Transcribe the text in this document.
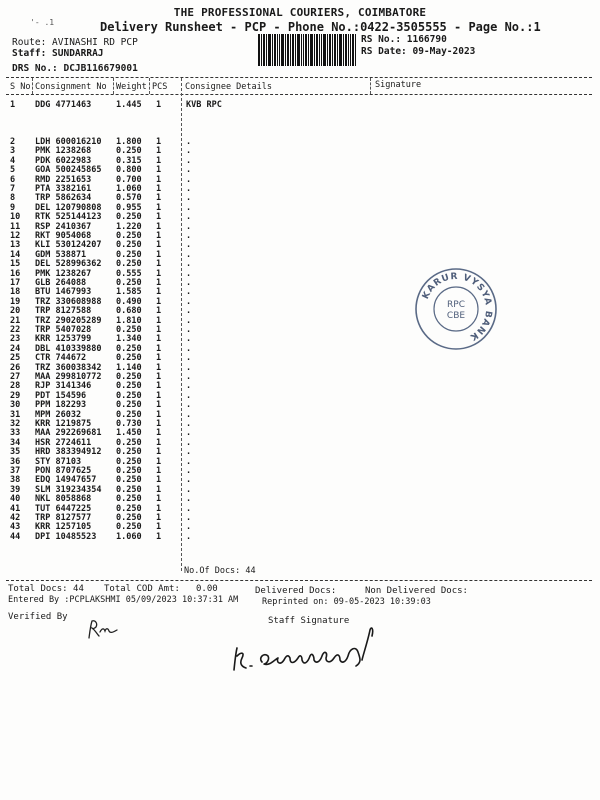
'- .1
THE PROFESSIONAL COURIERS, COIMBATORE
Delivery Runsheet - PCP - Phone No.:0422-3505555 - Page No.:1
Route: AVINASHI RD PCP
Staff: SUNDARRAJ
DRS No.: DCJB116679001
RS No.: 1166790
RS Date: 09-May-2023
S No Consignment No Weight PCS Consignee Details	Signature
1 DDG 4771463	1.445 1	KVB RPC
2 LDH 600016210 1.800 1	.
3 PMK 1238268	0.250 1	.
4 PDK 6022983	0.315 1	.
5 GOA 500245865 0.800 1	.
6 RMD 2251653	0.700 1	.
7 PTA 3382161	1.060 1	.
8 TRP 5862634	0.570 1	.
9 DEL 120790808 0.955 1	.
10 RTK 525144123 0.250 1	.
11 RSP 2410367	1.220 1	.
12 RKT 9054068	0.250 1	.
13 KLI 530124207 0.250 1	.
14 GDM 538871	0.250 1	.
15 DEL 528996362 0.250 1	.
16 PMK 1238267	0.555 1	.
17 GLB 264088	0.250 1	.
18 BTU 1467993	1.585 1	.
19 TRZ 330608988 0.490 1	.
20 TRP 8127588	0.680 1	.
21 TRZ 290205289 1.810 1	.
22 TRP 5407028	0.250 1	.
23 KRR 1253799	1.340 1	.
24 DBL 410339880 0.250 1	.
25 CTR 744672	0.250 1	.
26 TRZ 360038342 1.140 1	.
27 MAA 299810772 0.250 1	.
28 RJP 3141346	0.250 1	.
29 PDT 154596	0.250 1	.
30 PPM 182293	0.250 1	.
31 MPM 26032	0.250 1	.
32 KRR 1219875	0.730 1	.
33 MAA 292269681 1.450 1	.
34 HSR 2724611	0.250 1	.
35 HRD 383394912 0.250 1	.
36 STY 87103	0.250 1	.
37 PON 8707625	0.250 1	.
38 EDQ 14947657 0.250 1	.
39 SLM 319234354 0.250 1	.
40 NKL 8058868	0.250 1	.
41 TUT 6447225	0.250 1	.
42 TRP 8127577	0.250 1	.
43 KRR 1257105	0.250 1	.
44 DPI 10485523 1.060 1	.
No.Of Docs: 44
KARUR VYSYA BANK
RPC
CBE
Total Docs: 44 Total COD Amt: 0.00	Delivered Docs:	Non Delivered Docs:
Entered By :PCPLAKSHMI 05/09/2023 10:37:31 AM	Reprinted on: 09-05-2023 10:39:03
Verified By	Staff Signature
